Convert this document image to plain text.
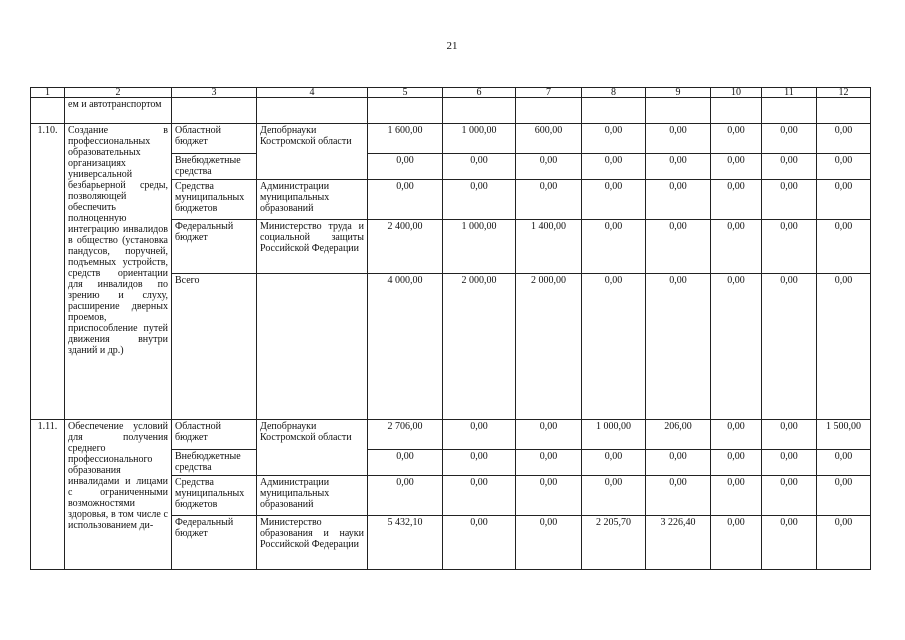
21
1	2	3	4	5	6	7	8	9	10	11	12
	ем и автотранспортом										
1.10.	Создание в профессиональных образовательных организациях универсальной безбарьерной среды, позволяющей обеспечить полноценную интеграцию инвалидов в общество (установка пандусов, поручней, подъемных устройств, средств ориентации для инвалидов по зрению и слуху, расширение дверных проемов, приспособление путей движения внутри зданий и др.)	Областной бюджет	Депобрнауки Костромской области	1 600,00	1 000,00	600,00	0,00	0,00	0,00	0,00	0,00
		Внебюджетные средства		0,00	0,00	0,00	0,00	0,00	0,00	0,00	0,00
		Средства муниципальных бюджетов	Администрации муниципальных образований	0,00	0,00	0,00	0,00	0,00	0,00	0,00	0,00
		Федеральный бюджет	Министерство труда и социальной защиты Российской Федерации	2 400,00	1 000,00	1 400,00	0,00	0,00	0,00	0,00	0,00
		Всего		4 000,00	2 000,00	2 000,00	0,00	0,00	0,00	0,00	0,00
1.11.	Обеспечение условий для получения среднего профессионального образования инвалидами и лицами с ограниченными возможностями здоровья, в том числе с использованием ди-	Областной бюджет	Депобрнауки Костромской области	2 706,00	0,00	0,00	1 000,00	206,00	0,00	0,00	1 500,00
		Внебюджетные средства		0,00	0,00	0,00	0,00	0,00	0,00	0,00	0,00
		Средства муниципальных бюджетов	Администрации муниципальных образований	0,00	0,00	0,00	0,00	0,00	0,00	0,00	0,00
		Федеральный бюджет	Министерство образования и науки Российской Федерации	5 432,10	0,00	0,00	2 205,70	3 226,40	0,00	0,00	0,00
